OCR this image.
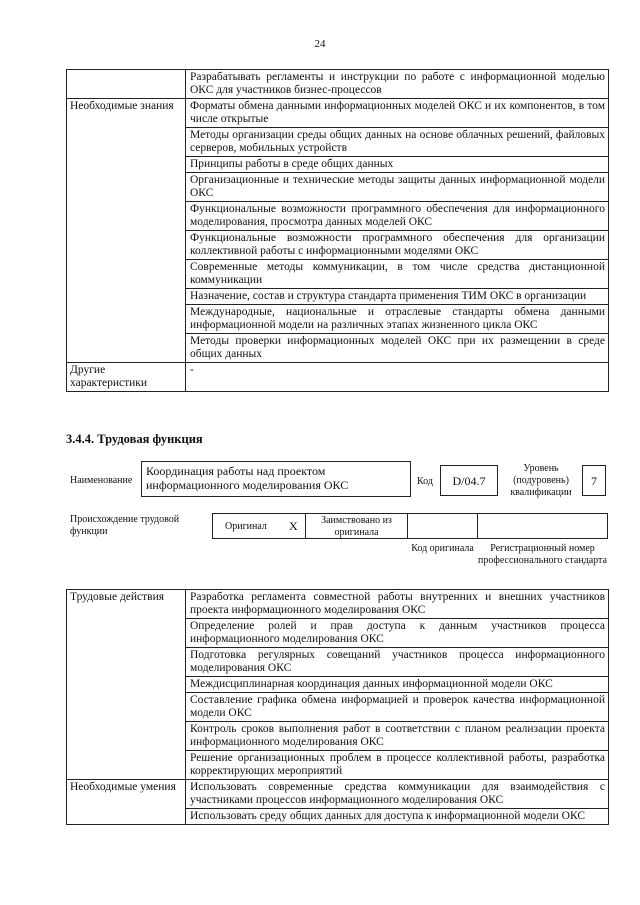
24
	Разрабатывать регламенты и инструкции по работе с информационной моделью ОКС для участников бизнес-процессов
Необходимые знания	Форматы обмена данными информационных моделей ОКС и их компонентов, в том числе открытые
	Методы организации среды общих данных на основе облачных решений, файловых серверов, мобильных устройств
	Принципы работы в среде общих данных
	Организационные и технические методы защиты данных информационной модели ОКС
	Функциональные возможности программного обеспечения для информационного моделирования, просмотра данных моделей ОКС
	Функциональные возможности программного обеспечения для организации коллективной работы с информационными моделями ОКС
	Современные методы коммуникации, в том числе средства дистанционной коммуникации
	Назначение, состав и структура стандарта применения ТИМ ОКС в организации
	Международные, национальные и отраслевые стандарты обмена данными информационной модели на различных этапах жизненного цикла ОКС
	Методы проверки информационных моделей ОКС при их размещении в среде общих данных
Другие характеристики	-
3.4.4. Трудовая функция
Наименование
Координация работы над проектом информационного моделирования ОКС	Код	D/04.7
Уровень (подуровень) квалификации
7
Происхождение трудовой функции	Оригинал X	Заимствовано из оригинала
Код оригинала	Регистрационный номер профессионального стандарта
Трудовые действия	Разработка регламента совместной работы внутренних и внешних участников проекта информационного моделирования ОКС
	Определение ролей и прав доступа к данным участников процесса информационного моделирования ОКС
	Подготовка регулярных совещаний участников процесса информационного моделирования ОКС
	Междисциплинарная координация данных информационной модели ОКС
	Составление графика обмена информацией и проверок качества информационной модели ОКС
	Контроль сроков выполнения работ в соответствии с планом реализации проекта информационного моделирования ОКС
	Решение организационных проблем в процессе коллективной работы, разработка корректирующих мероприятий
Необходимые умения	Использовать современные средства коммуникации для взаимодействия с участниками процессов информационного моделирования ОКС
	Использовать среду общих данных для доступа к информационной модели ОКС
